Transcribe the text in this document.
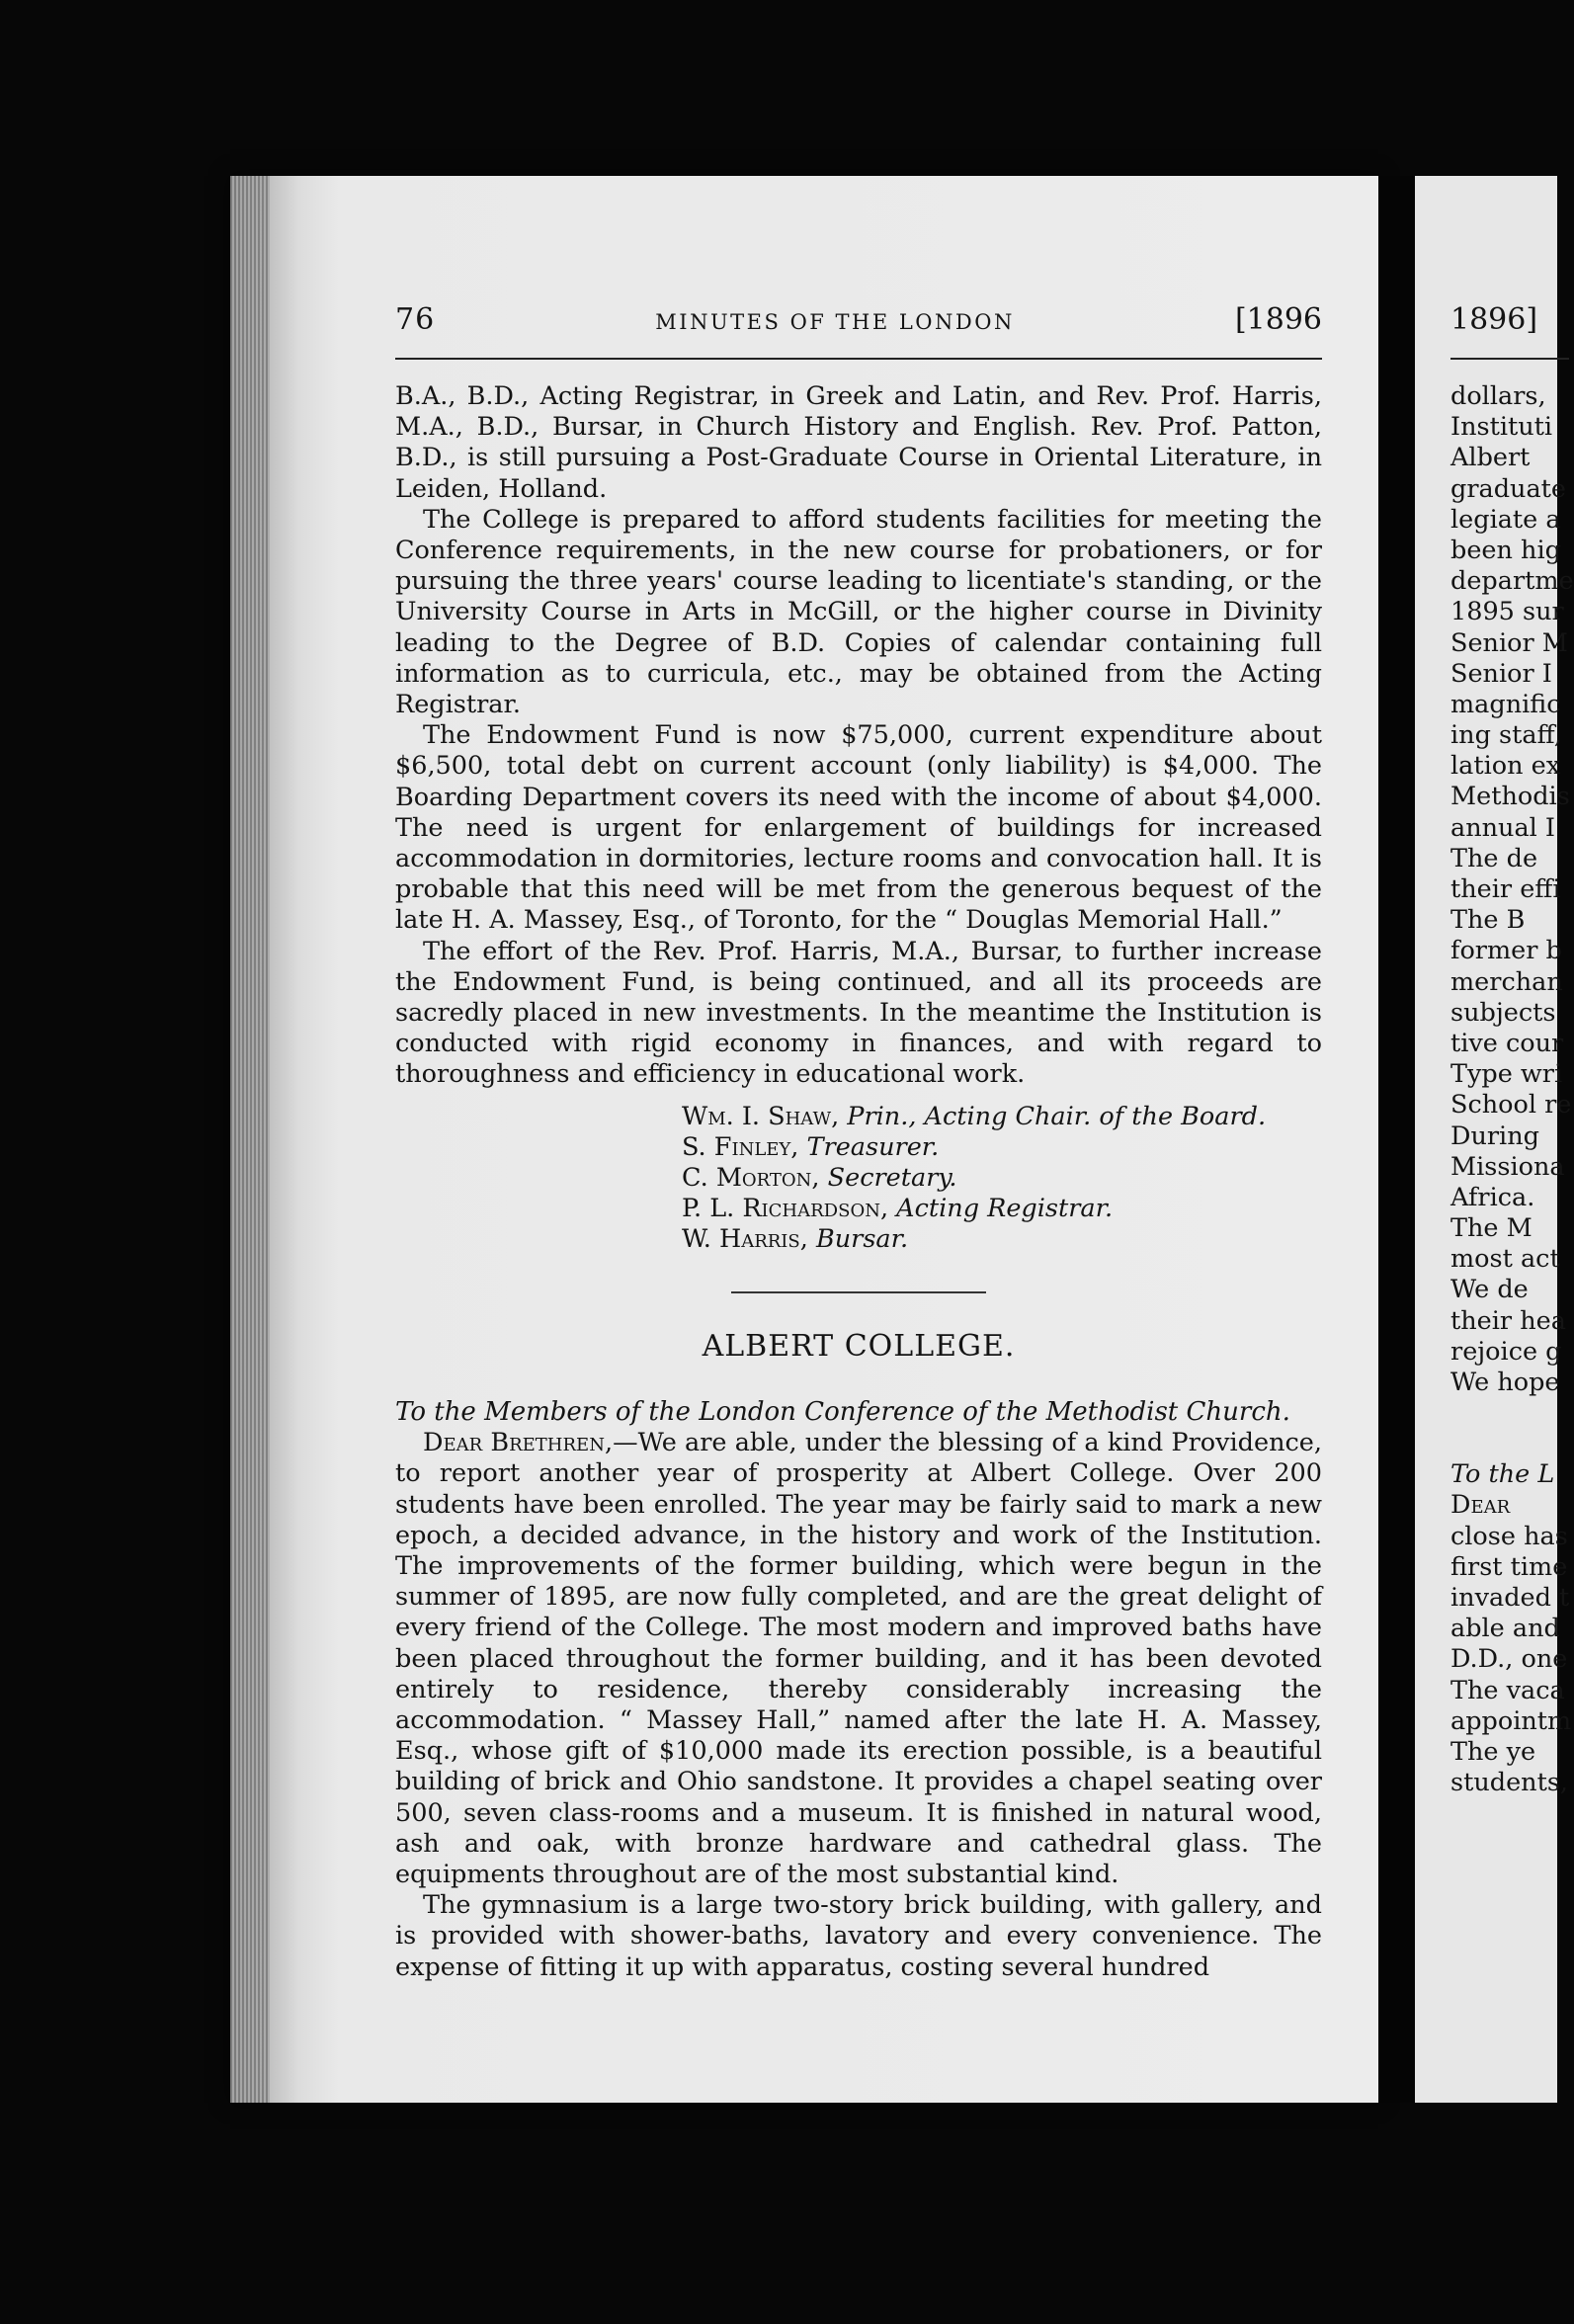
76	MINUTES OF THE LONDON	[1896

B.A., B.D., Acting Registrar, in Greek and Latin, and Rev. Prof. Harris, M.A., B.D., Bursar, in Church History and English. Rev. Prof. Patton, B.D., is still pursuing a Post-Graduate Course in Oriental Literature, in Leiden, Holland.

The College is prepared to afford students facilities for meeting the Conference requirements, in the new course for probationers, or for pursuing the three years' course leading to licentiate's standing, or the University Course in Arts in McGill, or the higher course in Divinity leading to the Degree of B.D. Copies of calendar containing full information as to curricula, etc., may be obtained from the Acting Registrar.

The Endowment Fund is now $75,000, current expenditure about $6,500, total debt on current account (only liability) is $4,000. The Boarding Department covers its need with the income of about $4,000. The need is urgent for enlargement of buildings for increased accommodation in dormitories, lecture rooms and convocation hall. It is probable that this need will be met from the generous bequest of the late H. A. Massey, Esq., of Toronto, for the “ Douglas Memorial Hall.”

The effort of the Rev. Prof. Harris, M.A., Bursar, to further increase the Endowment Fund, is being continued, and all its proceeds are sacredly placed in new investments. In the meantime the Institution is conducted with rigid economy in finances, and with regard to thoroughness and efficiency in educational work.

Wm. I. Shaw, Prin., Acting Chair. of the Board.
S. Finley, Treasurer.
C. Morton, Secretary.
P. L. Richardson, Acting Registrar.
W. Harris, Bursar.
ALBERT COLLEGE.

To the Members of the London Conference of the Methodist Church.

Dear Brethren,—We are able, under the blessing of a kind Providence, to report another year of prosperity at Albert College. Over 200 students have been enrolled. The year may be fairly said to mark a new epoch, a decided advance, in the history and work of the Institution. The improvements of the former building, which were begun in the summer of 1895, are now fully completed, and are the great delight of every friend of the College. The most modern and improved baths have been placed throughout the former building, and it has been devoted entirely to residence, thereby considerably increasing the accommodation. “ Massey Hall,” named after the late H. A. Massey, Esq., whose gift of $10,000 made its erection possible, is a beautiful building of brick and Ohio sandstone. It provides a chapel seating over 500, seven class-rooms and a museum. It is finished in natural wood, ash and oak, with bronze hardware and cathedral glass. The equipments throughout are of the most substantial kind.

The gymnasium is a large two-story brick building, with gallery, and is provided with shower-baths, lavatory and every convenience. The expense of fitting it up with apparatus, costing several hundred

1896]
dollars,
Instituti
Albert
graduate
legiate a
been hig
departme
1895 sur
Senior M
Senior I
magnific
ing staff,
lation ex
Methodis
annual I
The de
their effi
The B
former b
merchan
subjects
tive cour
Type wri
School re
During
Missiona
Africa.
The M
most act
We de
their hea
rejoice g
We hope
To the L
Dear
close has
first time
invaded t
able and
D.D., one
The vaca
appointm
The ye
students,
